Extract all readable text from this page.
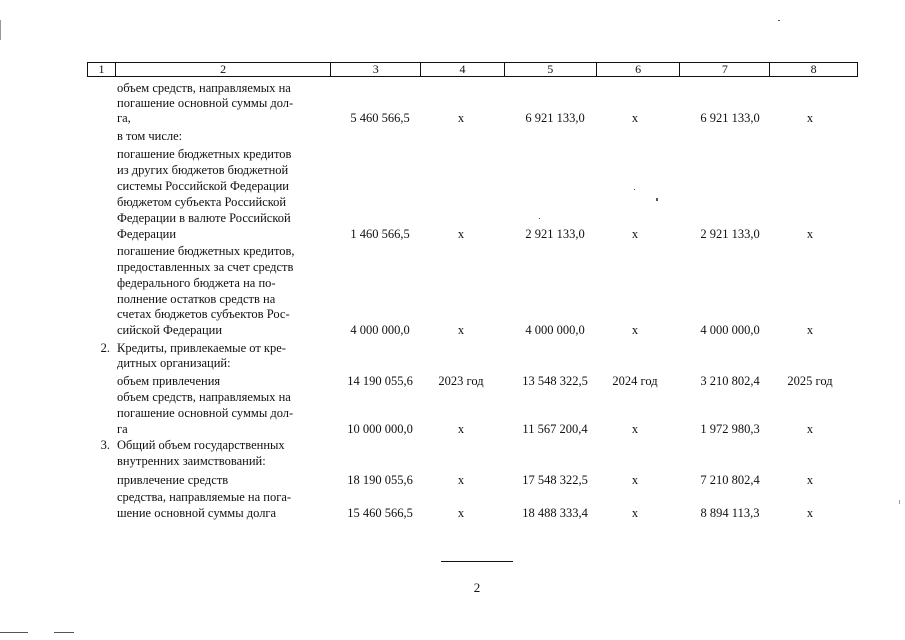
1	2	3	4	5	6	7	8
объем средств, направляемых на
погашение основной суммы дол-
га,	5 460 566,5	х	6 921 133,0	х	6 921 133,0	х
в том числе:
погашение бюджетных кредитов
из других бюджетов бюджетной
системы Российской Федерации
бюджетом субъекта Российской
Федерации в валюте Российской
Федерации	1 460 566,5	х	2 921 133,0	х	2 921 133,0	х
погашение бюджетных кредитов,
предоставленных за счет средств
федерального бюджета на по-
полнение остатков средств на
счетах бюджетов субъектов Рос-
сийской Федерации	4 000 000,0	х	4 000 000,0	х	4 000 000,0	х
2. Кредиты, привлекаемые от кре-
дитных организаций:
объем привлечения	14 190 055,6	2023 год	13 548 322,5	2024 год	3 210 802,4	2025 год
объем средств, направляемых на
погашение основной суммы дол-
га	10 000 000,0	х	11 567 200,4	х	1 972 980,3	х
3. Общий объем государственных
внутренних заимствований:
привлечение средств	18 190 055,6	х	17 548 322,5	х	7 210 802,4	х
средства, направляемые на пога-
шение основной суммы долга	15 460 566,5	х	18 488 333,4	х	8 894 113,3	х
2
